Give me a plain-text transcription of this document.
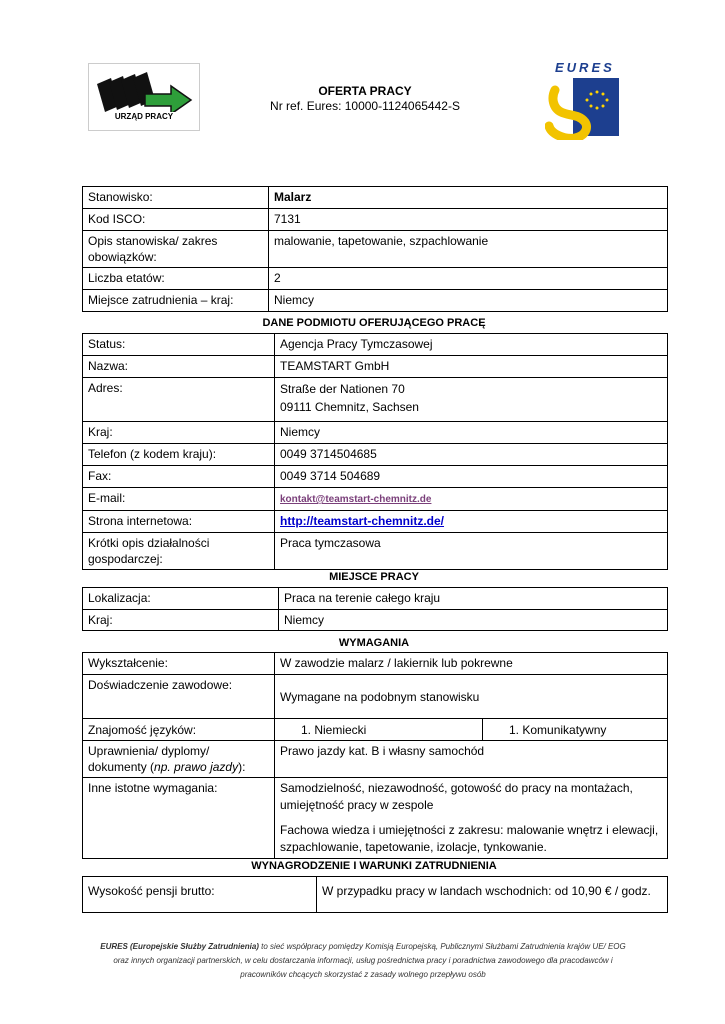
URZĄD PRACY
OFERTA PRACY
Nr ref. Eures: 10000-1124065442-S
EURES
Stanowisko:	Malarz
Kod ISCO:	7131
Opis stanowiska/ zakres obowiązków:	malowanie, tapetowanie, szpachlowanie
Liczba etatów:	2
Miejsce zatrudnienia – kraj:	Niemcy
DANE PODMIOTU OFERUJĄCEGO PRACĘ
Status:	Agencja Pracy Tymczasowej
Nazwa:	TEAMSTART GmbH
Adres:	Straße der Nationen 70
09111 Chemnitz, Sachsen

Kraj:	Niemcy
Telefon (z kodem kraju):	0049 3714504685
Fax:	0049 3714 504689
E-mail:	kontakt@teamstart-chemnitz.de
Strona internetowa:	http://teamstart-chemnitz.de/
Krótki opis działalności gospodarczej:	Praca tymczasowa
MIEJSCE PRACY
Lokalizacja:	Praca na terenie całego kraju
Kraj:	Niemcy
WYMAGANIA
Wykształcenie:	W zawodzie malarz / lakiernik lub pokrewne	
Doświadczenie zawodowe:	Wymagane na podobnym stanowisku	
Znajomość języków:	1. Niemiecki	1. Komunikatywny
Uprawnienia/ dyplomy/ dokumenty (np. prawo jazdy):	Prawo jazdy kat. B i własny samochód	
Inne istotne wymagania:	Samodzielność, niezawodność, gotowość do pracy na montażach, umiejętność pracy w zespole
Fachowa wiedza i umiejętności z zakresu: malowanie wnętrz i elewacji, szpachlowanie, tapetowanie, izolacje, tynkowanie.	
WYNAGRODZENIE I WARUNKI ZATRUDNIENIA
Wysokość pensji brutto:	W przypadku pracy w landach wschodnich: od 10,90 € / godz.
EURES (Europejskie Służby Zatrudnienia) to sieć współpracy pomiędzy Komisją Europejską, Publicznymi Służbami Zatrudnienia krajów UE/ EOG
oraz innych organizacji partnerskich, w celu dostarczania informacji, usług pośrednictwa pracy i poradnictwa zawodowego dla pracodawców i
pracowników chcących skorzystać z zasady wolnego przepływu osób
